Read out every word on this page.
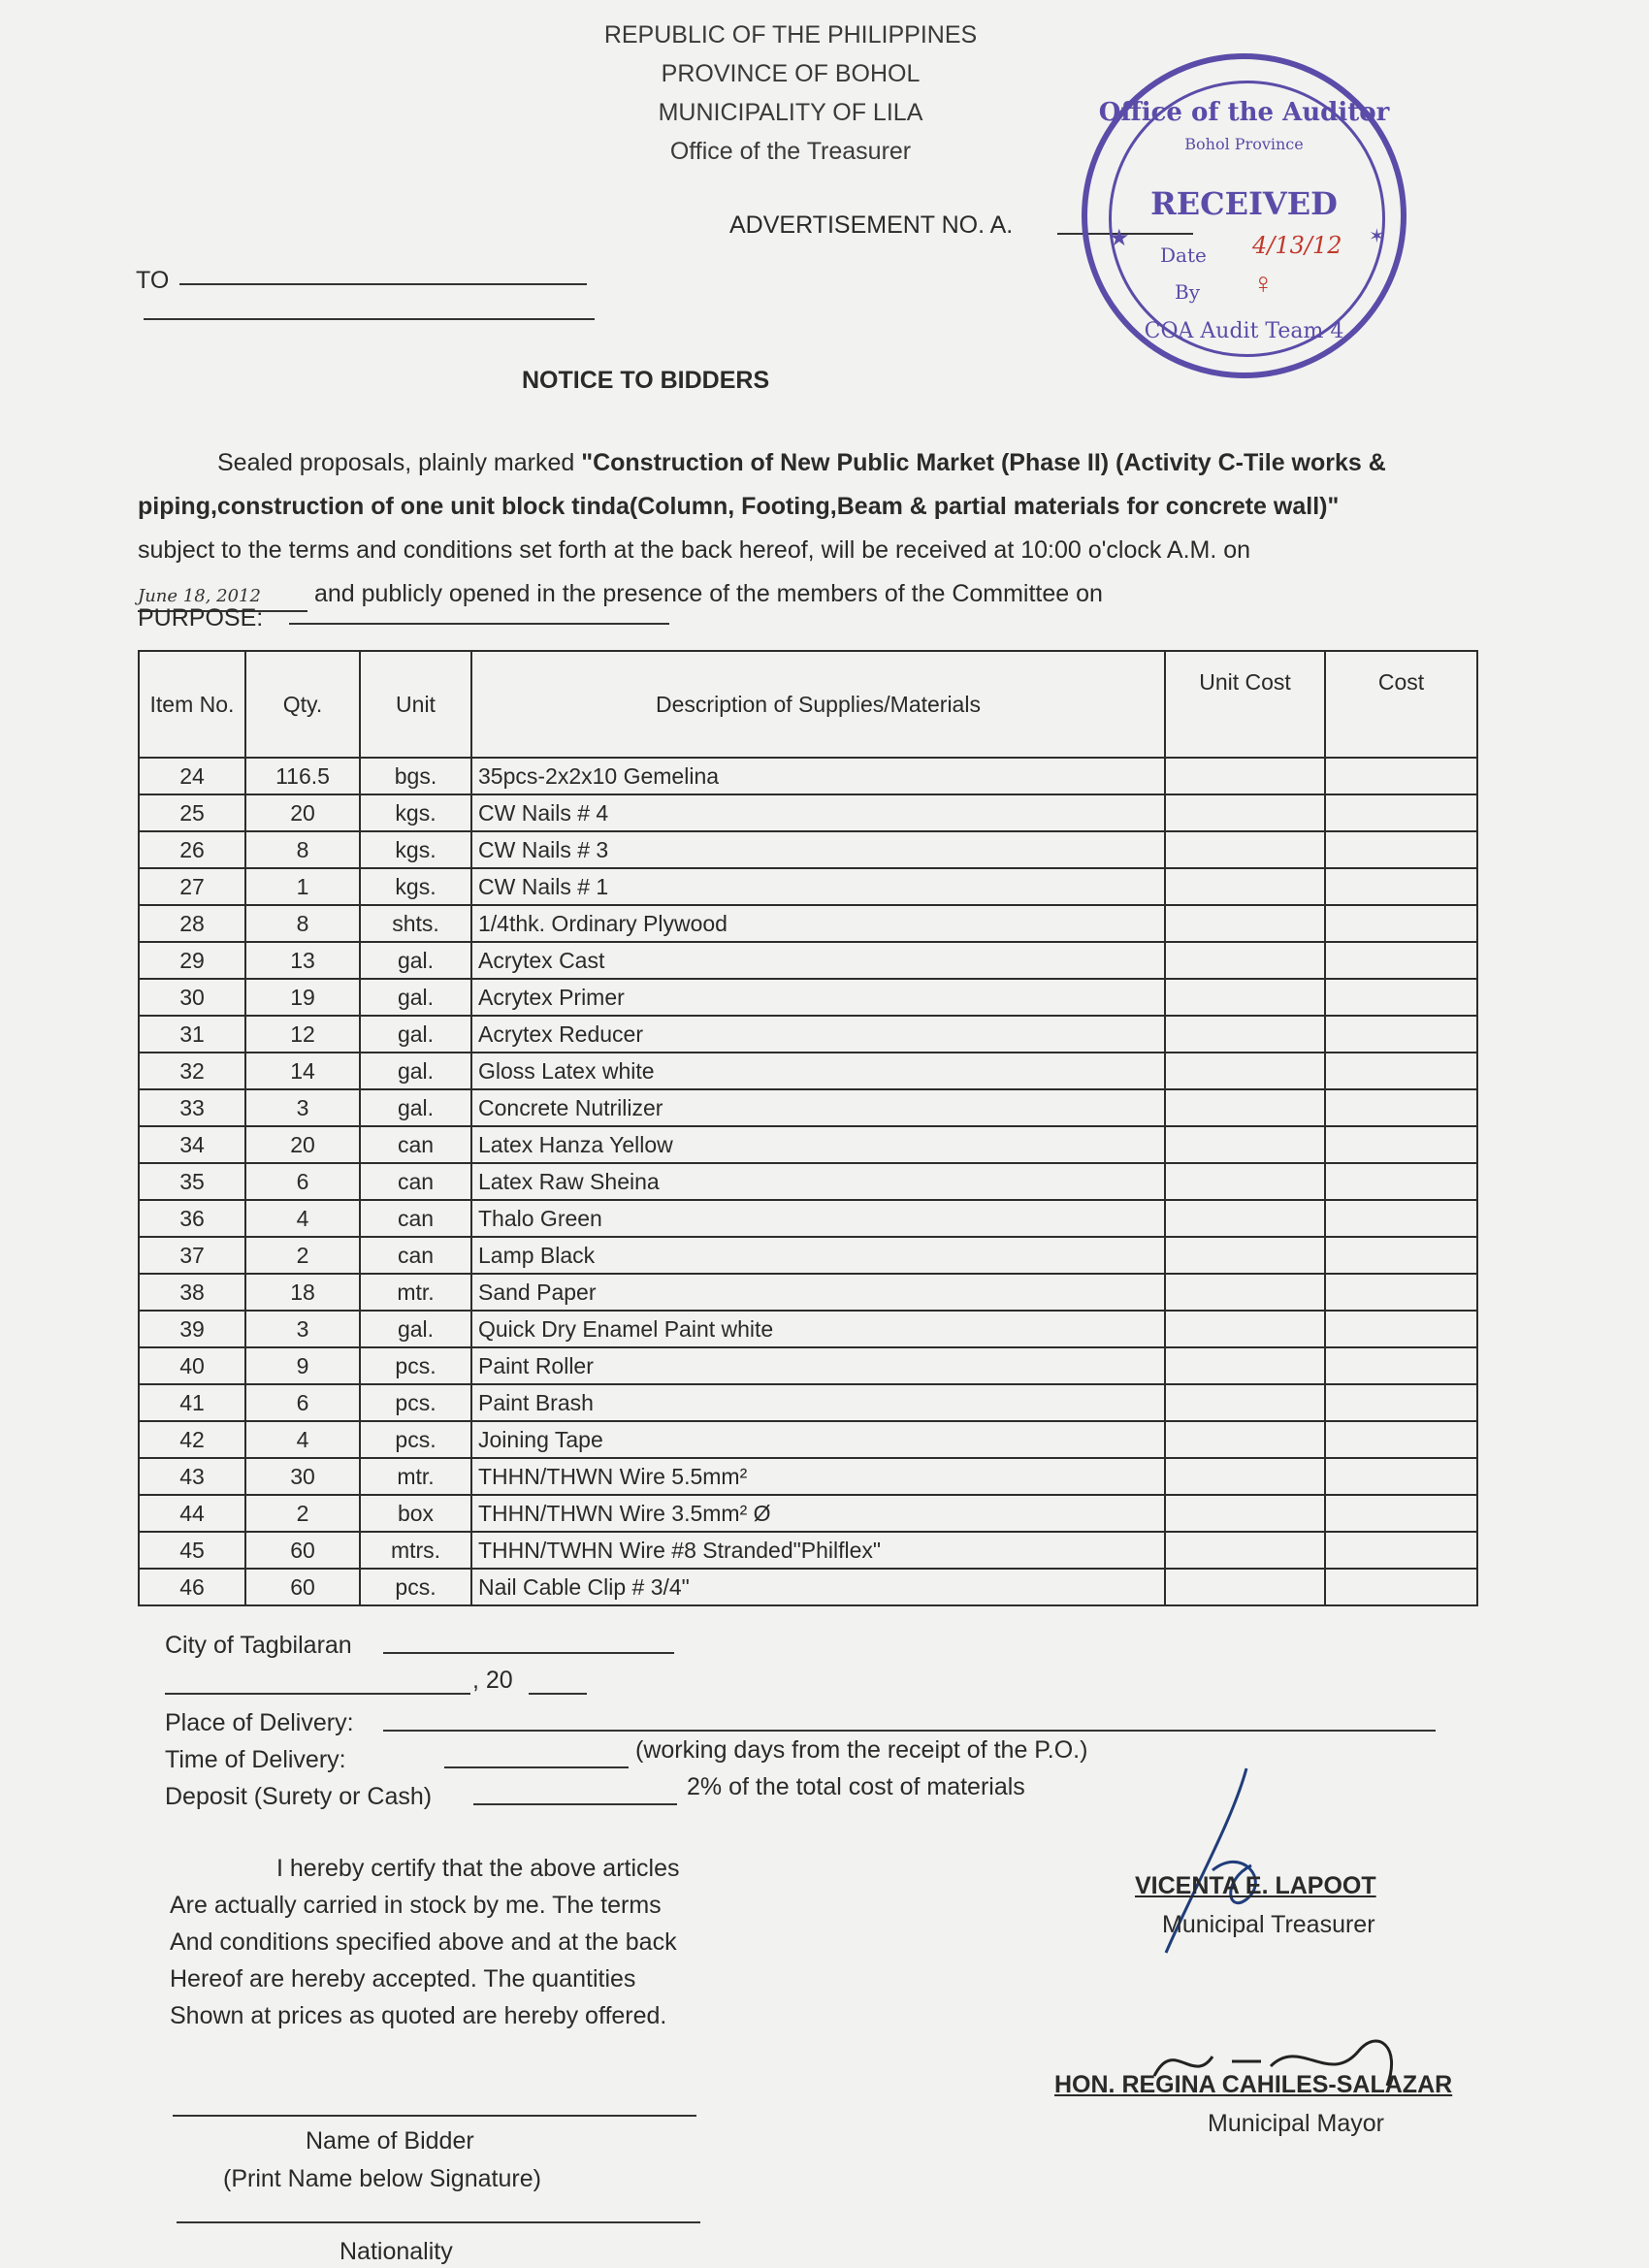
REPUBLIC OF THE PHILIPPINES
PROVINCE OF BOHOL
MUNICIPALITY OF LILA
Office of the Treasurer
ADVERTISEMENT NO. A.
Office of the Auditor
Bohol Province
RECEIVED
★	✶
Date 4/13/12
By ♀
COA Audit Team 4
TO
NOTICE TO BIDDERS
Sealed proposals, plainly marked "Construction of New Public Market (Phase II) (Activity C-Tile works & piping,construction of one unit block tinda(Column, Footing,Beam & partial materials for concrete wall)" subject to the terms and conditions set forth at the back hereof, will be received at 10:00 o'clock A.M. on June 18, 2012 and publicly opened in the presence of the members of the Committee on
PURPOSE:
Item No.	Qty.	Unit	Description of Supplies/Materials	Unit Cost	Cost
24	116.5	bgs.	35pcs-2x2x10 Gemelina		
25	20	kgs.	CW Nails # 4		
26	8	kgs.	CW Nails # 3		
27	1	kgs.	CW Nails # 1		
28	8	shts.	1/4thk. Ordinary Plywood		
29	13	gal.	Acrytex Cast		
30	19	gal.	Acrytex Primer		
31	12	gal.	Acrytex Reducer		
32	14	gal.	Gloss Latex white		
33	3	gal.	Concrete Nutrilizer		
34	20	can	Latex Hanza Yellow		
35	6	can	Latex Raw Sheina		
36	4	can	Thalo Green		
37	2	can	Lamp Black		
38	18	mtr.	Sand Paper		
39	3	gal.	Quick Dry Enamel Paint white		
40	9	pcs.	Paint Roller		
41	6	pcs.	Paint Brash		
42	4	pcs.	Joining Tape		
43	30	mtr.	THHN/THWN Wire 5.5mm²		
44	2	box	THHN/THWN Wire 3.5mm² Ø		
45	60	mtrs.	THHN/TWHN Wire #8 Stranded"Philflex"		
46	60	pcs.	Nail Cable Clip # 3/4"		
City of Tagbilaran
, 20
Place of Delivery:
Time of Delivery:	(working days from the receipt of the P.O.)
Deposit (Surety or Cash)	2% of the total cost of materials
I hereby certify that the above articles
Are actually carried in stock by me. The terms
And conditions specified above and at the back
Hereof are hereby accepted. The quantities
Shown at prices as quoted are hereby offered.
VICENTA E. LAPOOT
Municipal Treasurer
HON. REGINA CAHILES-SALAZAR
Municipal Mayor
Name of Bidder
(Print Name below Signature)
Nationality
